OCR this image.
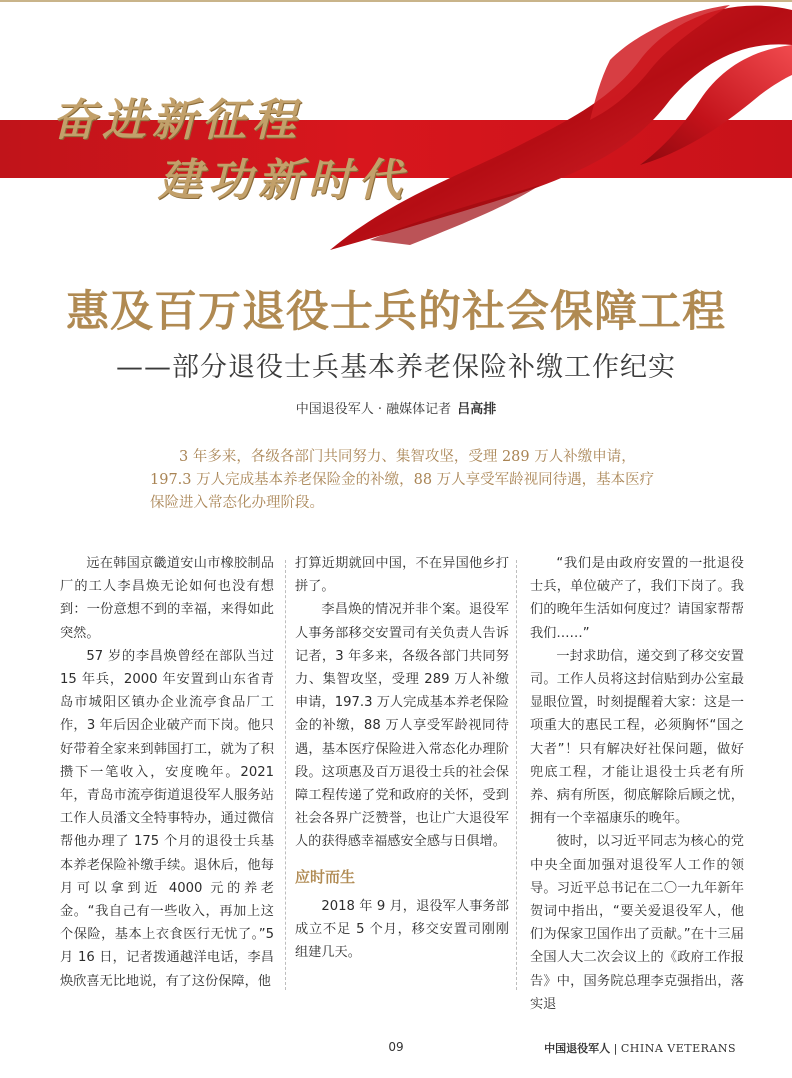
奋进新征程
建功新时代
惠及百万退役士兵的社会保障工程
——部分退役士兵基本养老保险补缴工作纪实
中国退役军人 · 融媒体记者 吕高排
3 年多来，各级各部门共同努力、集智攻坚，受理 289 万人补缴申请，197.3 万人完成基本养老保险金的补缴，88 万人享受军龄视同待遇，基本医疗保险进入常态化办理阶段。

远在韩国京畿道安山市橡胶制品厂的工人李昌焕无论如何也没有想到：一份意想不到的幸福，来得如此突然。

57 岁的李昌焕曾经在部队当过 15 年兵，2000 年安置到山东省青岛市城阳区镇办企业流亭食品厂工作，3 年后因企业破产而下岗。他只好带着全家来到韩国打工，就为了积攒下一笔收入，安度晚年。2021 年，青岛市流亭街道退役军人服务站工作人员潘文全特事特办，通过微信帮他办理了 175 个月的退役士兵基本养老保险补缴手续。退休后，他每月可以拿到近 4000 元的养老金。“我自己有一些收入，再加上这个保险，基本上衣食医行无忧了。”5 月 16 日，记者拨通越洋电话，李昌焕欣喜无比地说，有了这份保障，他

打算近期就回中国，不在异国他乡打拼了。

李昌焕的情况并非个案。退役军人事务部移交安置司有关负责人告诉记者，3 年多来，各级各部门共同努力、集智攻坚，受理 289 万人补缴申请，197.3 万人完成基本养老保险金的补缴，88 万人享受军龄视同待遇，基本医疗保险进入常态化办理阶段。这项惠及百万退役士兵的社会保障工程传递了党和政府的关怀，受到社会各界广泛赞誉，也让广大退役军人的获得感幸福感安全感与日俱增。

应时而生

2018 年 9 月，退役军人事务部成立不足 5 个月，移交安置司刚刚组建几天。

“我们是由政府安置的一批退役士兵，单位破产了，我们下岗了。我们的晚年生活如何度过？请国家帮帮我们……”

一封求助信，递交到了移交安置司。工作人员将这封信贴到办公室最显眼位置，时刻提醒着大家：这是一项重大的惠民工程，必须胸怀“国之大者”！只有解决好社保问题，做好兜底工程，才能让退役士兵老有所养、病有所医，彻底解除后顾之忧，拥有一个幸福康乐的晚年。

彼时，以习近平同志为核心的党中央全面加强对退役军人工作的领导。习近平总书记在二〇一九年新年贺词中指出，“要关爱退役军人，他们为保家卫国作出了贡献。”在十三届全国人大二次会议上的《政府工作报告》中，国务院总理李克强指出，落实退

09	中国退役军人 | CHINA VETERANS
